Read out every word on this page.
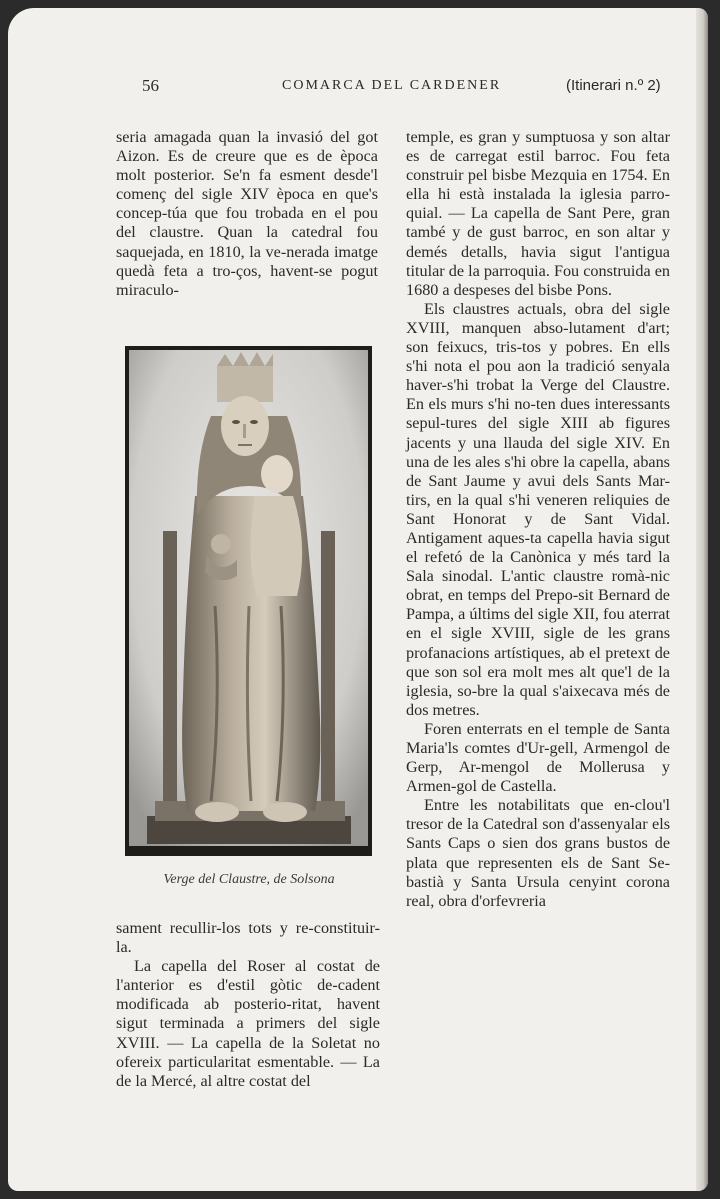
56	COMARCA DEL CARDENER	(Itinerari n.º 2)

seria amagada quan la invasió del got Aizon. Es de creure que es de època molt posterior. Se'n fa esment desde'l començ del sigle XIV època en que's concep-túa que fou trobada en el pou del claustre. Quan la catedral fou saquejada, en 1810, la ve-nerada imatge quedà feta a tro-ços, havent-se pogut miraculo-

Verge del Claustre, de Solsona

sament recullir-los tots y re-constituir-la.

La capella del Roser al costat de l'anterior es d'estil gòtic de-cadent modificada ab posterio-ritat, havent sigut terminada a primers del sigle XVIII. — La capella de la Soletat no ofereix particularitat esmentable. — La de la Mercé, al altre costat del

temple, es gran y sumptuosa y son altar es de carregat estil barroc. Fou feta construir pel bisbe Mezquia en 1754. En ella hi està instalada la iglesia parro-quial. — La capella de Sant Pere, gran també y de gust barroc, en son altar y demés detalls, havia sigut l'antigua titular de la parroquia. Fou construida en 1680 a despeses del bisbe Pons.

Els claustres actuals, obra del sigle XVIII, manquen abso-lutament d'art; son feixucs, tris-tos y pobres. En ells s'hi nota el pou aon la tradició senyala haver-s'hi trobat la Verge del Claustre. En els murs s'hi no-ten dues interessants sepul-tures del sigle XIII ab figures jacents y una llauda del sigle XIV. En una de les ales s'hi obre la capella, abans de Sant Jaume y avui dels Sants Mar-tirs, en la qual s'hi veneren reliquies de Sant Honorat y de Sant Vidal. Antigament aques-ta capella havia sigut el refetó de la Canònica y més tard la Sala sinodal. L'antic claustre romà-nic obrat, en temps del Prepo-sit Bernard de Pampa, a últims del sigle XII, fou aterrat en el sigle XVIII, sigle de les grans profanacions artístiques, ab el pretext de que son sol era molt mes alt que'l de la iglesia, so-bre la qual s'aixecava més de dos metres.

Foren enterrats en el temple de Santa Maria'ls comtes d'Ur-gell, Armengol de Gerp, Ar-mengol de Mollerusa y Armen-gol de Castella.

Entre les notabilitats que en-clou'l tresor de la Catedral son d'assenyalar els Sants Caps o sien dos grans bustos de plata que representen els de Sant Se-bastià y Santa Ursula cenyint corona real, obra d'orfevreria
